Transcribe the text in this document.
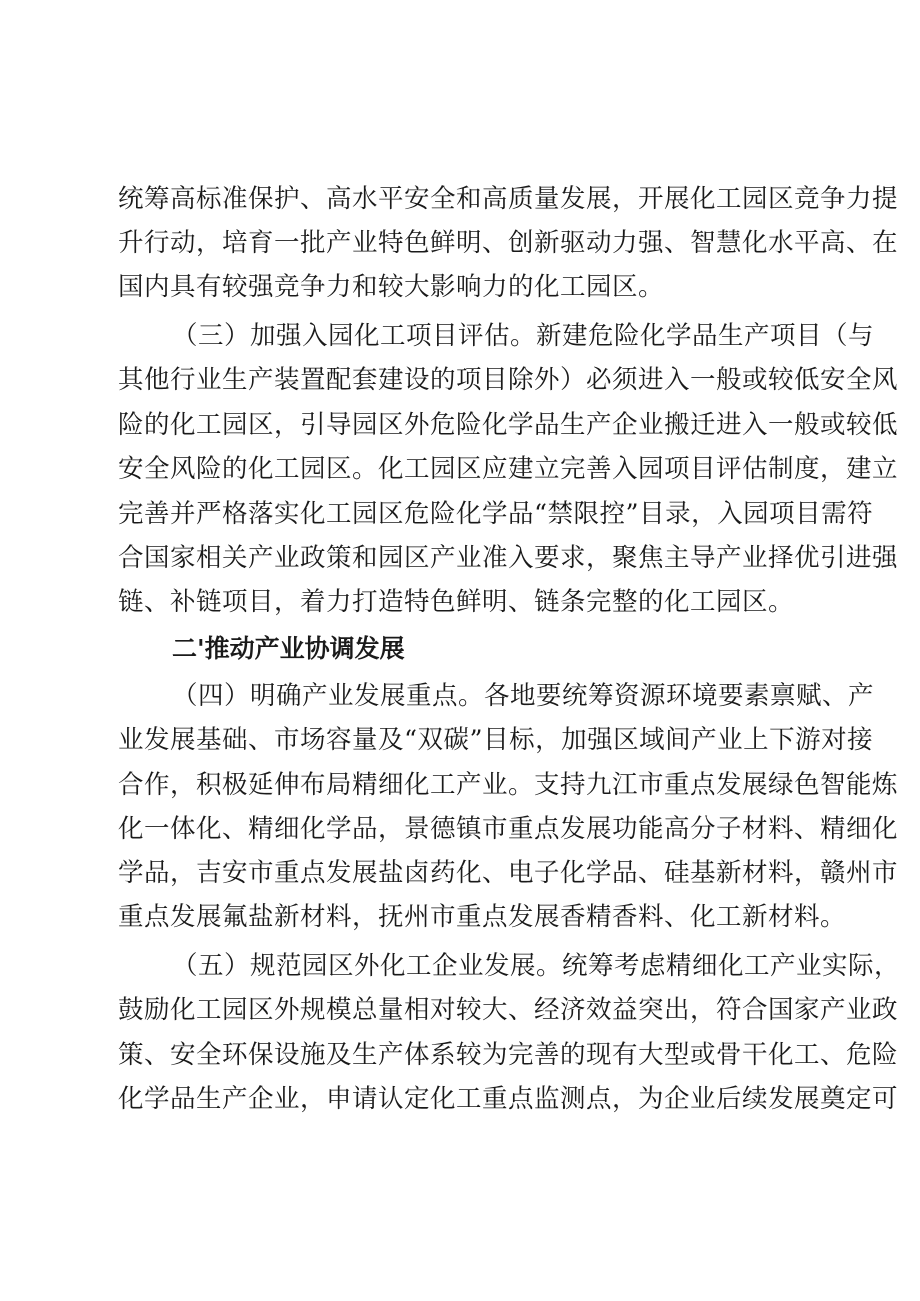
统筹高标准保护、高水平安全和高质量发展，开展化工园区竞争力提
升行动，培育一批产业特色鲜明、创新驱动力强、智慧化水平高、在
国内具有较强竞争力和较大影响力的化工园区。
（三）加强入园化工项目评估。新建危险化学品生产项目（与
其他行业生产装置配套建设的项目除外）必须进入一般或较低安全风
险的化工园区，引导园区外危险化学品生产企业搬迁进入一般或较低
安全风险的化工园区。化工园区应建立完善入园项目评估制度，建立
完善并严格落实化工园区危险化学品“禁限控”目录，入园项目需符
合国家相关产业政策和园区产业准入要求，聚焦主导产业择优引进强
链、补链项目，着力打造特色鲜明、链条完整的化工园区。
二'推动产业协调发展
（四）明确产业发展重点。各地要统筹资源环境要素禀赋、产
业发展基础、市场容量及“双碳”目标，加强区域间产业上下游对接
合作，积极延伸布局精细化工产业。支持九江市重点发展绿色智能炼
化一体化、精细化学品，景德镇市重点发展功能高分子材料、精细化
学品，吉安市重点发展盐卤药化、电子化学品、硅基新材料，赣州市
重点发展氟盐新材料，抚州市重点发展香精香料、化工新材料。
（五）规范园区外化工企业发展。统筹考虑精细化工产业实际，
鼓励化工园区外规模总量相对较大、经济效益突出，符合国家产业政
策、安全环保设施及生产体系较为完善的现有大型或骨干化工、危险
化学品生产企业，申请认定化工重点监测点，为企业后续发展奠定可
